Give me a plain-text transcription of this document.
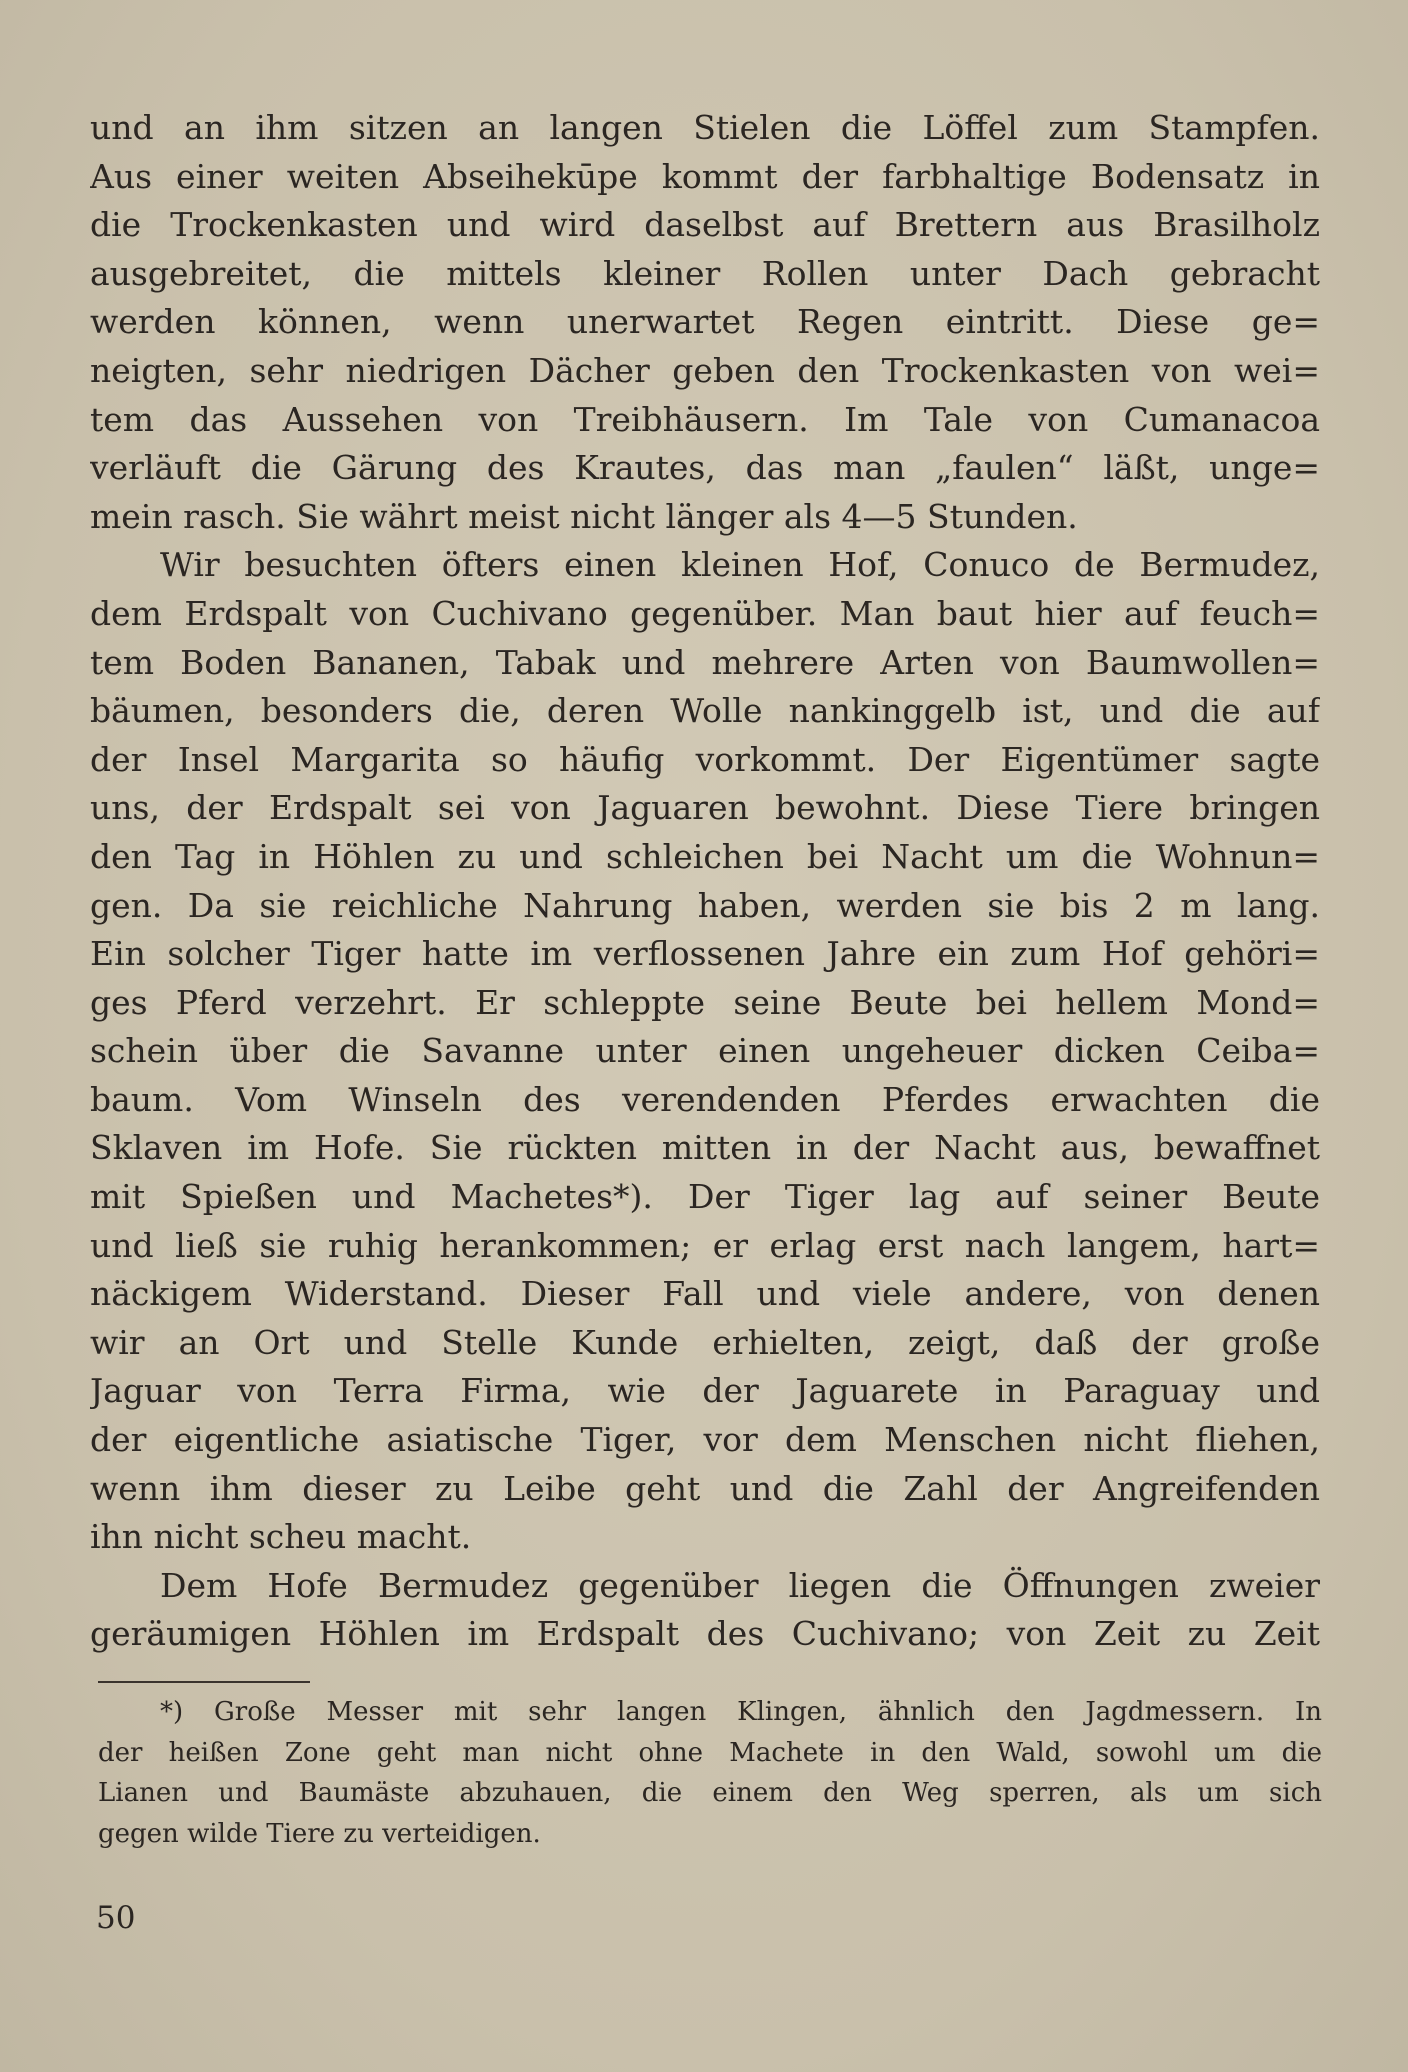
und an ihm sitzen an langen Stielen die Löffel zum Stampfen.
Aus einer weiten Abseihekūpe kommt der farbhaltige Bodensatz in
die Trockenkasten und wird daselbst auf Brettern aus Brasilholz
ausgebreitet, die mittels kleiner Rollen unter Dach gebracht
werden können, wenn unerwartet Regen eintritt. Diese ge=
neigten, sehr niedrigen Dächer geben den Trockenkasten von wei=
tem das Aussehen von Treibhäusern. Im Tale von Cumanacoa
verläuft die Gärung des Krautes, das man „faulen“ läßt, unge=
mein rasch. Sie währt meist nicht länger als 4—5 Stunden.
Wir besuchten öfters einen kleinen Hof, Conuco de Bermudez,
dem Erdspalt von Cuchivano gegenüber. Man baut hier auf feuch=
tem Boden Bananen, Tabak und mehrere Arten von Baumwollen=
bäumen, besonders die, deren Wolle nankinggelb ist, und die auf
der Insel Margarita so häufig vorkommt. Der Eigentümer sagte
uns, der Erdspalt sei von Jaguaren bewohnt. Diese Tiere bringen
den Tag in Höhlen zu und schleichen bei Nacht um die Wohnun=
gen. Da sie reichliche Nahrung haben, werden sie bis 2 m lang.
Ein solcher Tiger hatte im verflossenen Jahre ein zum Hof gehöri=
ges Pferd verzehrt. Er schleppte seine Beute bei hellem Mond=
schein über die Savanne unter einen ungeheuer dicken Ceiba=
baum. Vom Winseln des verendenden Pferdes erwachten die
Sklaven im Hofe. Sie rückten mitten in der Nacht aus, bewaffnet
mit Spießen und Machetes*). Der Tiger lag auf seiner Beute
und ließ sie ruhig herankommen; er erlag erst nach langem, hart=
näckigem Widerstand. Dieser Fall und viele andere, von denen
wir an Ort und Stelle Kunde erhielten, zeigt, daß der große
Jaguar von Terra Firma, wie der Jaguarete in Paraguay und
der eigentliche asiatische Tiger, vor dem Menschen nicht fliehen,
wenn ihm dieser zu Leibe geht und die Zahl der Angreifenden
ihn nicht scheu macht.
Dem Hofe Bermudez gegenüber liegen die Öffnungen zweier
geräumigen Höhlen im Erdspalt des Cuchivano; von Zeit zu Zeit
*) Große Messer mit sehr langen Klingen, ähnlich den Jagdmessern. In
der heißen Zone geht man nicht ohne Machete in den Wald, sowohl um die
Lianen und Baumäste abzuhauen, die einem den Weg sperren, als um sich
gegen wilde Tiere zu verteidigen.
50
